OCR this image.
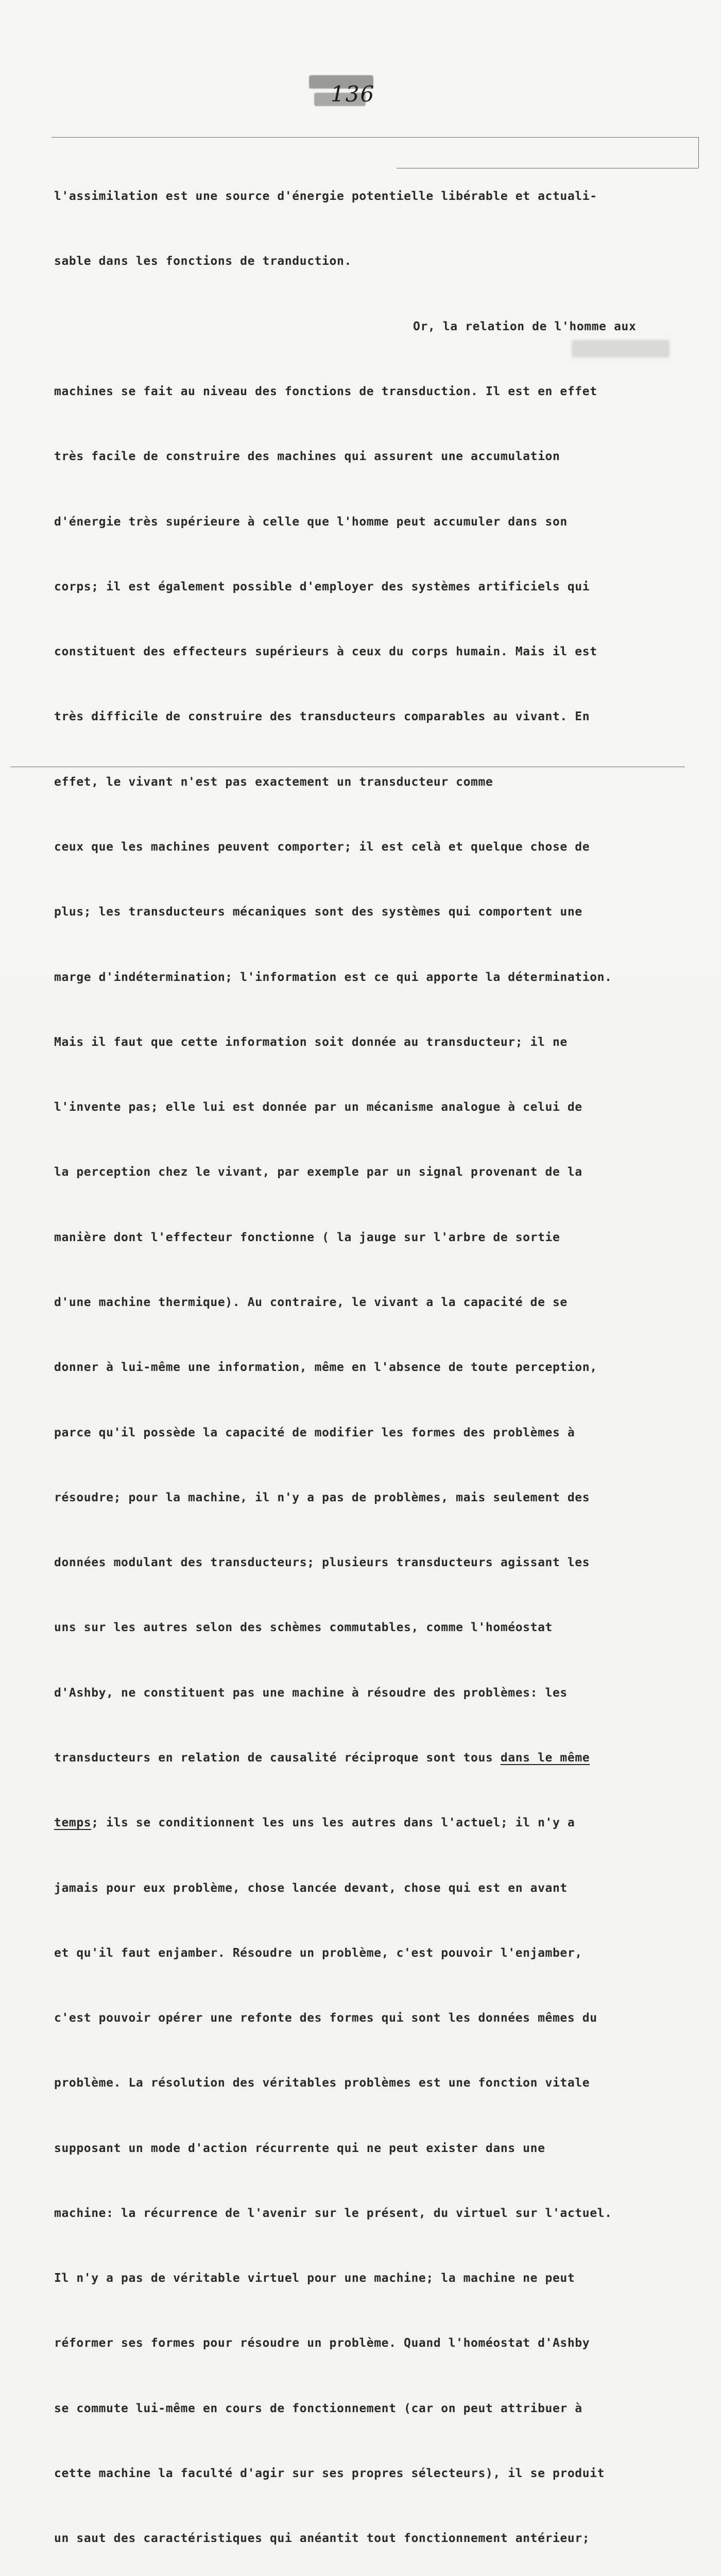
136

l'assimilation est une source d'énergie potentielle libérable et actuali-

sable dans les fonctions de tranduction.

Or, la relation de l'homme aux

machines se fait au niveau des fonctions de transduction. Il est en effet

très facile de construire des machines qui assurent une accumulation

d'énergie très supérieure à celle que l'homme peut accumuler dans son

corps; il est également possible d'employer des systèmes artificiels qui

constituent des effecteurs supérieurs à ceux du corps humain. Mais il est

très difficile de construire des transducteurs comparables au vivant. En

effet, le vivant n'est pas exactement un transducteur comme

ceux que les machines peuvent comporter; il est celà et quelque chose de

plus; les transducteurs mécaniques sont des systèmes qui comportent une

marge d'indétermination; l'information est ce qui apporte la détermination.

Mais il faut que cette information soit donnée au transducteur; il ne

l'invente pas; elle lui est donnée par un mécanisme analogue à celui de

la perception chez le vivant, par exemple par un signal provenant de la

manière dont l'effecteur fonctionne ( la jauge sur l'arbre de sortie

d'une machine thermique). Au contraire, le vivant a la capacité de se

donner à lui-même une information, même en l'absence de toute perception,

parce qu'il possède la capacité de modifier les formes des problèmes à

résoudre; pour la machine, il n'y a pas de problèmes, mais seulement des

données modulant des transducteurs; plusieurs transducteurs agissant les

uns sur les autres selon des schèmes commutables, comme l'homéostat

d'Ashby, ne constituent pas une machine à résoudre des problèmes: les

transducteurs en relation de causalité réciproque sont tous dans le même

temps; ils se conditionnent les uns les autres dans l'actuel; il n'y a

jamais pour eux problème, chose lancée devant, chose qui est en avant

et qu'il faut enjamber. Résoudre un problème, c'est pouvoir l'enjamber,

c'est pouvoir opérer une refonte des formes qui sont les données mêmes du

problème. La résolution des véritables problèmes est une fonction vitale

supposant un mode d'action récurrente qui ne peut exister dans une

machine: la récurrence de l'avenir sur le présent, du virtuel sur l'actuel.

Il n'y a pas de véritable virtuel pour une machine; la machine ne peut

réformer ses formes pour résoudre un problème. Quand l'homéostat d'Ashby

se commute lui-même en cours de fonctionnement (car on peut attribuer à

cette machine la faculté d'agir sur ses propres sélecteurs), il se produit

un saut des caractéristiques qui anéantit tout fonctionnement antérieur;
